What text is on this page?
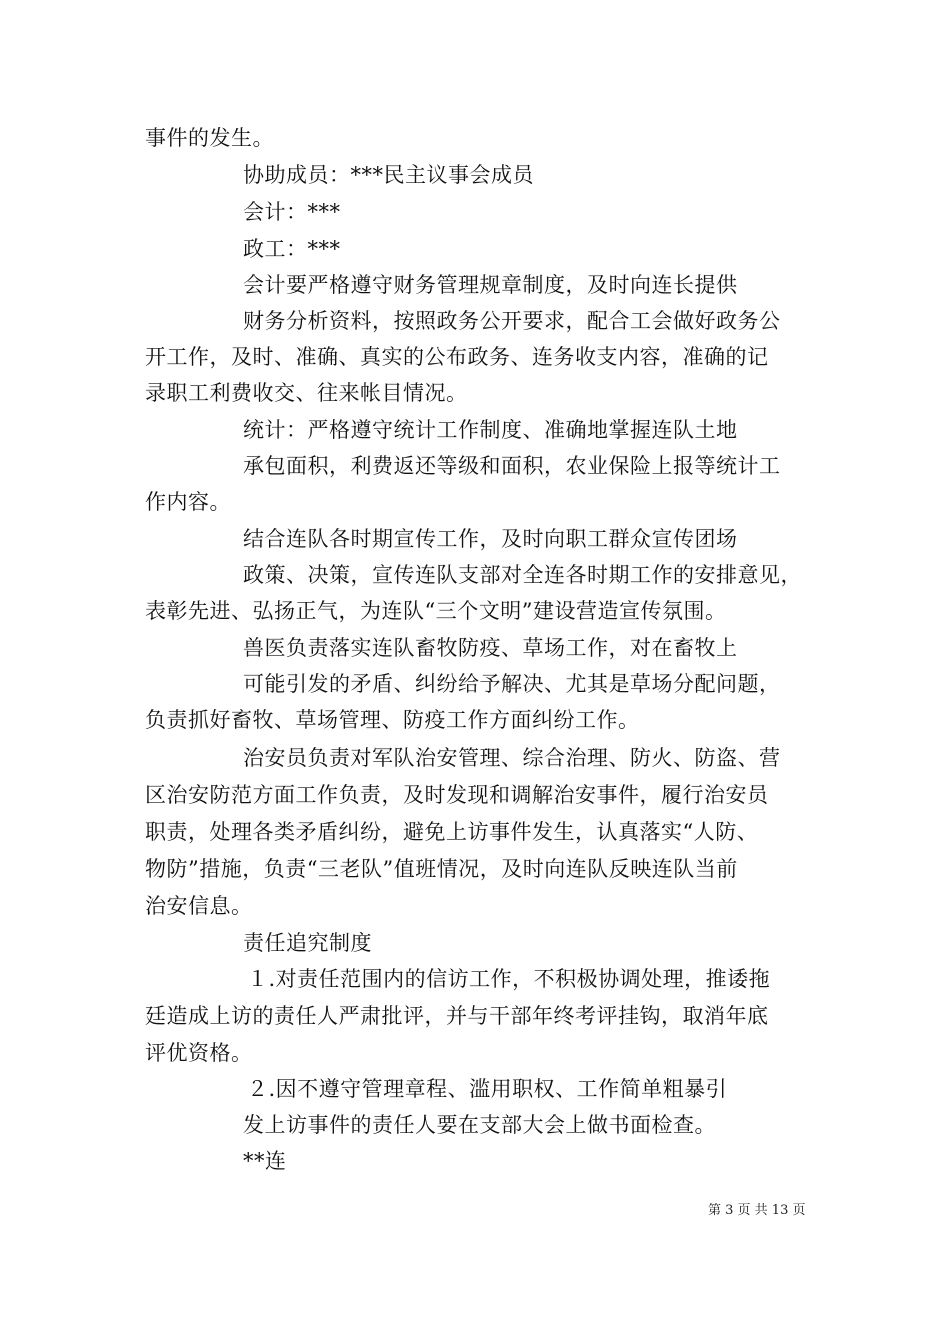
事件的发生。
协助成员：***民主议事会成员
会计：***
政工：***
会计要严格遵守财务管理规章制度，及时向连长提供
财务分析资料，按照政务公开要求，配合工会做好政务公
开工作，及时、准确、真实的公布政务、连务收支内容，准确的记
录职工利费收交、往来帐目情况。
统计：严格遵守统计工作制度、准确地掌握连队土地
承包面积，利费返还等级和面积，农业保险上报等统计工
作内容。
结合连队各时期宣传工作，及时向职工群众宣传团场
政策、决策，宣传连队支部对全连各时期工作的安排意见，
表彰先进、弘扬正气，为连队“三个文明”建设营造宣传氛围。
兽医负责落实连队畜牧防疫、草场工作，对在畜牧上
可能引发的矛盾、纠纷给予解决、尤其是草场分配问题，
负责抓好畜牧、草场管理、防疫工作方面纠纷工作。
治安员负责对军队治安管理、综合治理、防火、防盗、营
区治安防范方面工作负责，及时发现和调解治安事件，履行治安员
职责，处理各类矛盾纠纷，避免上访事件发生，认真落实“人防、
物防”措施，负责“三老队”值班情况，及时向连队反映连队当前
治安信息。
责任追究制度
１.对责任范围内的信访工作，不积极协调处理，推诿拖
廷造成上访的责任人严肃批评，并与干部年终考评挂钩，取消年底
评优资格。
２.因不遵守管理章程、滥用职权、工作简单粗暴引
发上访事件的责任人要在支部大会上做书面检查。
**连
第 3 页 共 13 页
